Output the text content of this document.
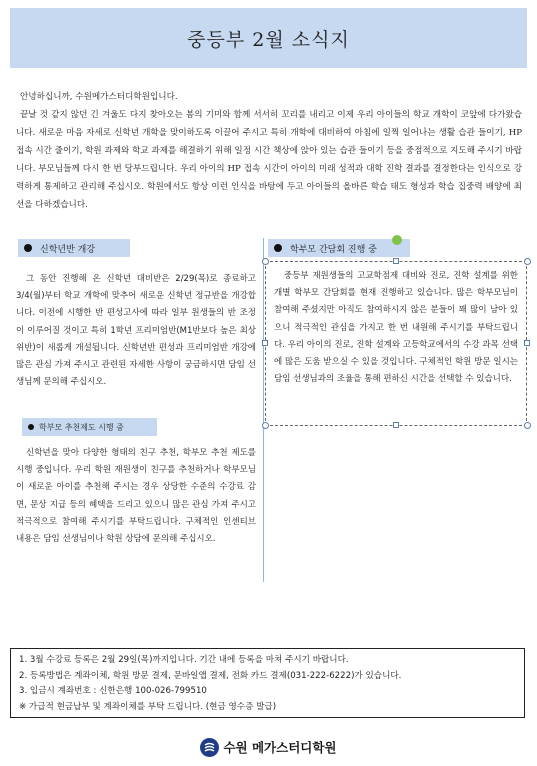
중등부 2월 소식지

안녕하십니까, 수원메가스터디학원입니다.

끝날 것 같지 않던 긴 겨울도 다지 찾아오는 봄의 기미와 함께 서서히 꼬리를 내리고 이제 우리 아이들의 학교 개학이 코앞에 다가왔습니다. 새로운 마음 자세로 신학년 개학을 맞이하도록 이끌어 주시고 특히 개학에 대비하여 아침에 일찍 일어나는 생활 습관 들이기, HP 접속 시간 줄이기, 학원 과제와 학교 과제를 해결하기 위해 일정 시간 책상에 앉아 있는 습관 들이기 등을 중점적으로 지도해 주시기 바랍니다. 부모님들께 다시 한 번 당부드립니다. 우리 아이의 HP 접속 시간이 아이의 미래 성적과 대학 진학 결과를 결정한다는 인식으로 강력하게 통제하고 관리해 주십시오. 학원에서도 항상 이런 인식을 바탕에 두고 아이들의 올바른 학습 태도 형성과 학습 집중력 배양에 최선을 다하겠습니다.

신학년반 개강

그 동안 진행해 온 신학년 대비반은 2/29(목)로 종료하고 3/4(월)부터 학교 개학에 맞추어 새로운 신학년 정규반을 개강합니다. 이전에 시행한 반 편성고사에 따라 일부 원생들의 반 조정이 이루어질 것이고 특히 1학년 프리미엄반(M1반보다 높은 최상위반)이 새롭게 개설됩니다. 신학년반 편성과 프리미엄반 개강에 많은 관심 가져 주시고 관련된 자세한 사항이 궁금하시면 담임 선생님께 문의해 주십시오.

학부모 추천제도 시행 중

신학년을 맞아 다양한 형태의 친구 추천, 학부모 추천 제도를 시행 중입니다. 우리 학원 재원생이 친구를 추천하거나 학부모님이 새로운 아이를 추천해 주시는 경우 상당한 수준의 수강료 감면, 문상 지급 등의 혜택을 드리고 있으니 많은 관심 가져 주시고 적극적으로 참여해 주시기를 부탁드립니다. 구체적인 인센티브 내용은 담임 선생님이나 학원 상담에 문의해 주십시오.

학부모 간담회 진행 중

중등부 재원생들의 고교학점제 대비와 진로, 진학 설계를 위한 개별 학부모 간담회를 현재 진행하고 있습니다. 많은 학부모님이 참여해 주셨지만 아직도 참여하시지 않은 분들이 꽤 많이 남아 있으니 적극적인 관심을 가지고 한 번 내원해 주시기를 부탁드립니다. 우리 아이의 진로, 진학 설계와 고등학교에서의 수강 과목 선택에 많은 도움 받으실 수 있을 것입니다. 구체적인 학원 방문 일시는 담임 선생님과의 조율을 통해 편하신 시간을 선택할 수 있습니다.

1. 3월 수강료 등록은 2월 29일(목)까지입니다. 기간 내에 등록을 마쳐 주시기 바랍니다.
2. 등록방법은 계좌이체, 학원 방문 결제, 문바일앱 결제, 전화 카드 결제(031-222-6222)가 있습니다.
3. 입금시 계좌번호 : 신한은행 100-026-799510
※ 가급적 현금납부 및 계좌이체를 부탁 드립니다. (현금 영수증 발급)
수원 메가스터디학원
